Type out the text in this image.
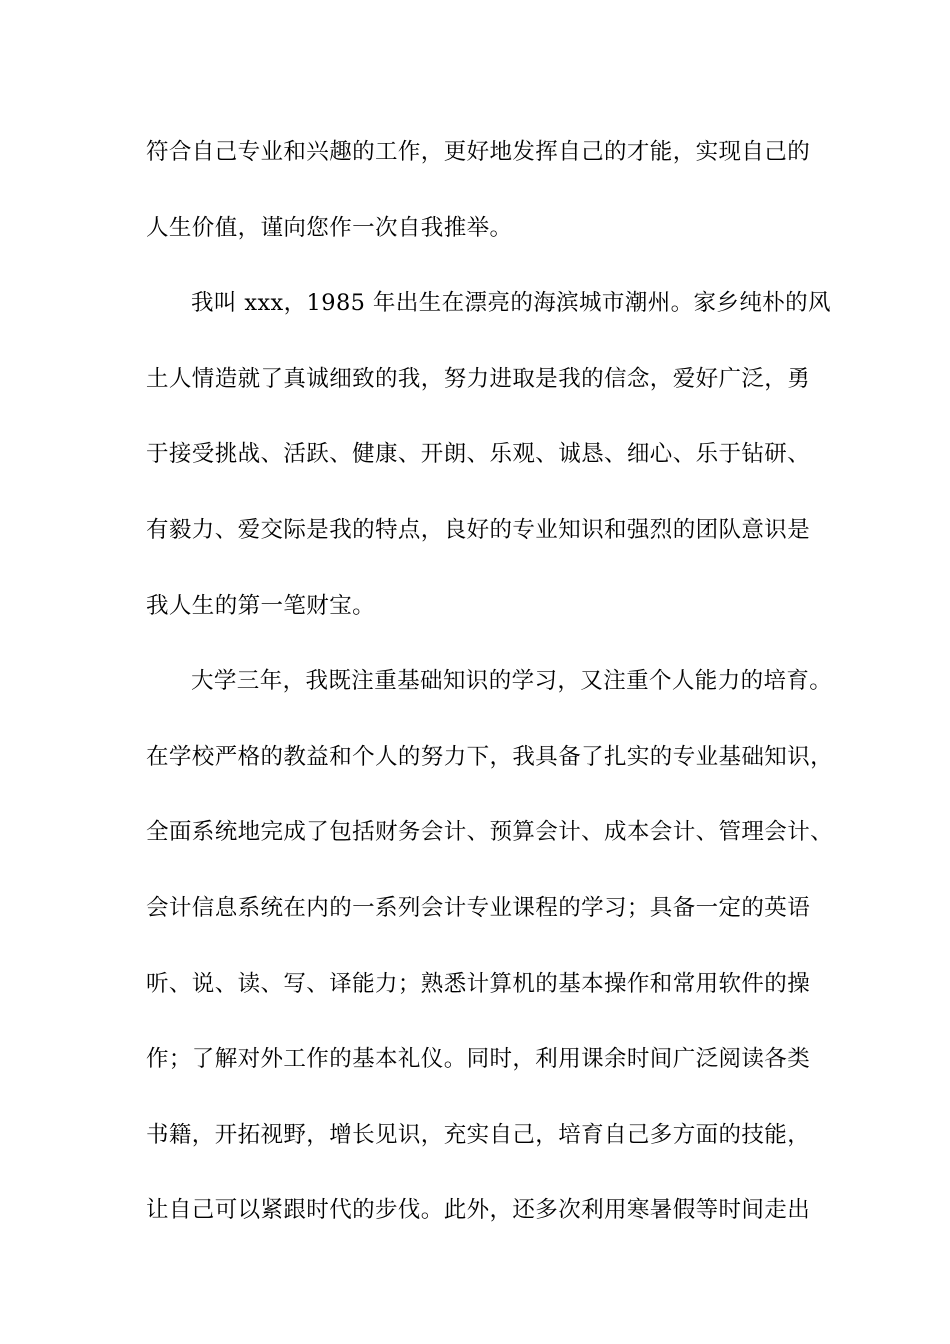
符合自己专业和兴趣的工作，更好地发挥自己的才能，实现自己的
人生价值，谨向您作一次自我推举。
我叫 xxx，1985 年出生在漂亮的海滨城市潮州。家乡纯朴的风
土人情造就了真诚细致的我，努力进取是我的信念，爱好广泛，勇
于接受挑战、活跃、健康、开朗、乐观、诚恳、细心、乐于钻研、
有毅力、爱交际是我的特点，良好的专业知识和强烈的团队意识是
我人生的第一笔财宝。
大学三年，我既注重基础知识的学习，又注重个人能力的培育。
在学校严格的教益和个人的努力下，我具备了扎实的专业基础知识，
全面系统地完成了包括财务会计、预算会计、成本会计、管理会计、
会计信息系统在内的一系列会计专业课程的学习；具备一定的英语
听、说、读、写、译能力；熟悉计算机的基本操作和常用软件的操
作；了解对外工作的基本礼仪。同时，利用课余时间广泛阅读各类
书籍，开拓视野，增长见识，充实自己，培育自己多方面的技能，
让自己可以紧跟时代的步伐。此外，还多次利用寒暑假等时间走出
